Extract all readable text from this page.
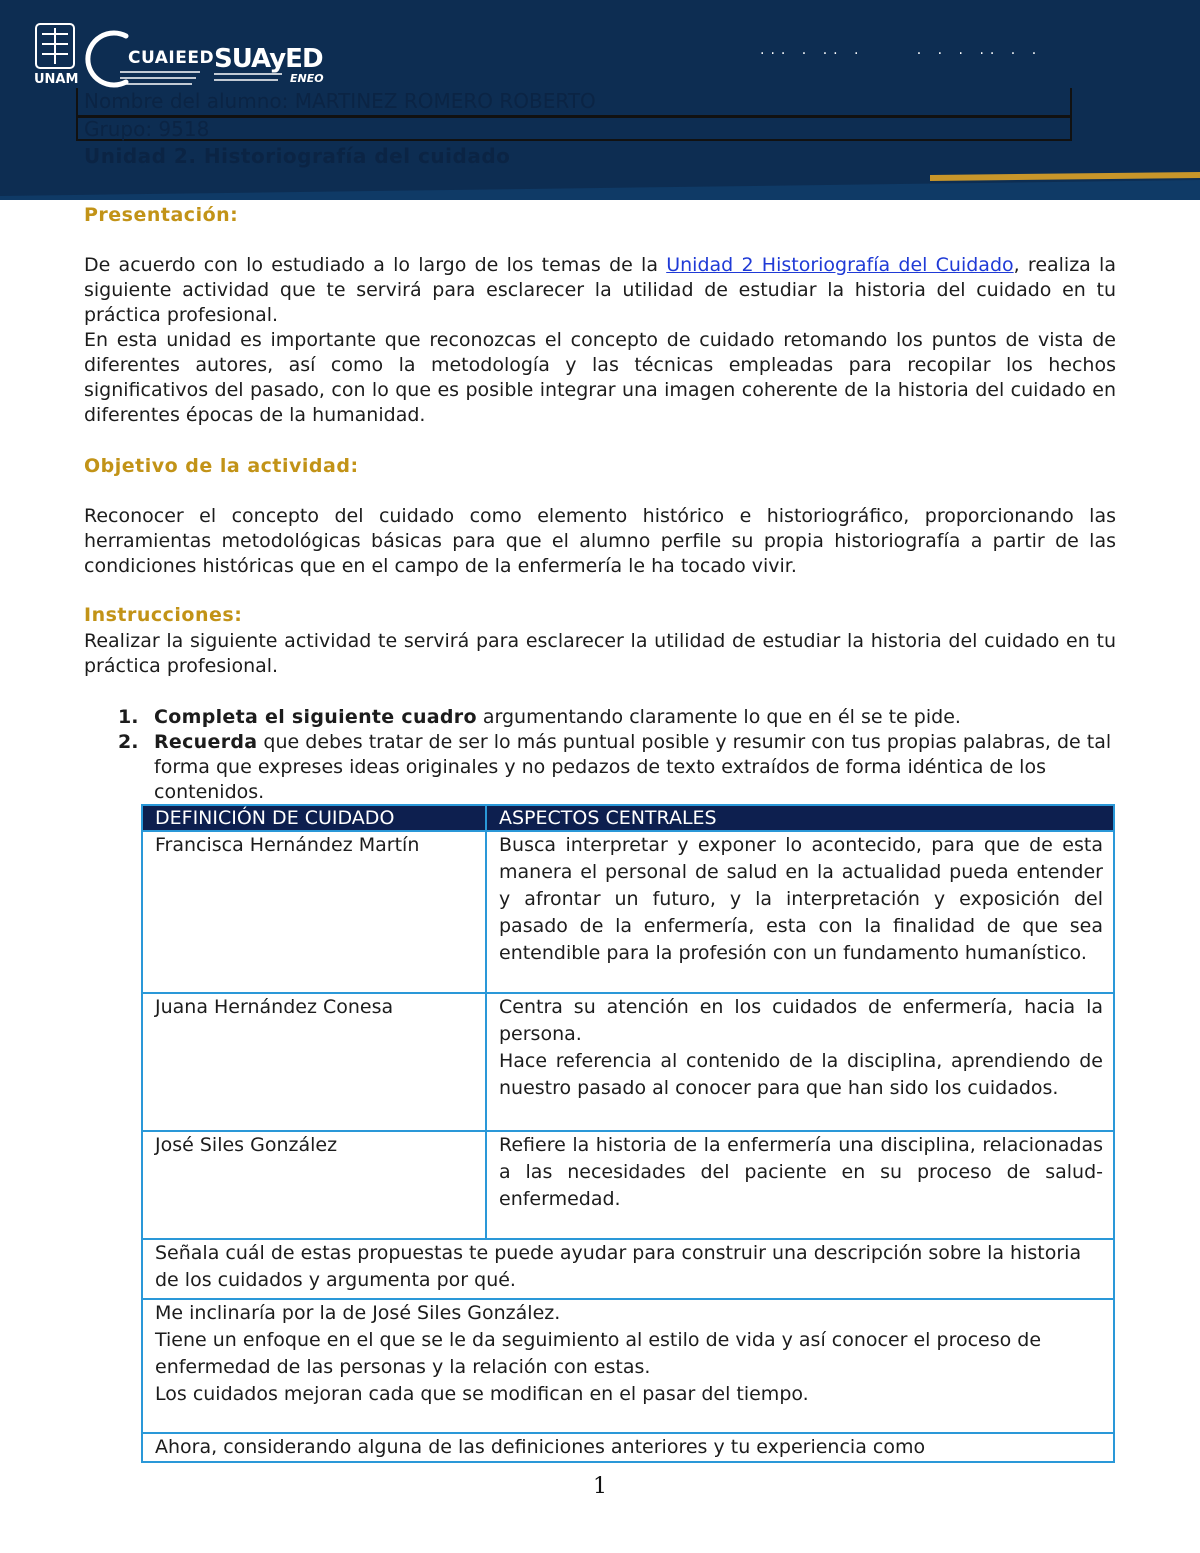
UNAM
CUAIEED SUAyED
ENEO
··· · ·· ·     · · · ·· · ·
Nombre del alumno: MARTINEZ ROMERO ROBERTO
Grupo: 9518
Unidad 2. Historiografía del cuidado
Presentación:
De acuerdo con lo estudiado a lo largo de los temas de la Unidad 2 Historiografía del Cuidado, realiza la siguiente actividad que te servirá para esclarecer la utilidad de estudiar la historia del cuidado en tu práctica profesional.
En esta unidad es importante que reconozcas el concepto de cuidado retomando los puntos de vista de diferentes autores, así como la metodología y las técnicas empleadas para recopilar los hechos significativos del pasado, con lo que es posible integrar una imagen coherente de la historia del cuidado en diferentes épocas de la humanidad.
Objetivo de la actividad:
Reconocer el concepto del cuidado como elemento histórico e historiográfico, proporcionando las herramientas metodológicas básicas para que el alumno perfile su propia historiografía a partir de las condiciones históricas que en el campo de la enfermería le ha tocado vivir.
Instrucciones:
Realizar la siguiente actividad te servirá para esclarecer la utilidad de estudiar la historia del cuidado en tu práctica profesional.
1. Completa el siguiente cuadro argumentando claramente lo que en él se te pide.
2. Recuerda que debes tratar de ser lo más puntual posible y resumir con tus propias palabras, de tal forma que expreses ideas originales y no pedazos de texto extraídos de forma idéntica de los contenidos.
DEFINICIÓN DE CUIDADO	ASPECTOS CENTRALES
Francisca Hernández Martín	Busca interpretar y exponer lo acontecido, para que de esta manera el personal de salud en la actualidad pueda entender y afrontar un futuro, y la interpretación y exposición del pasado de la enfermería, esta con la finalidad de que sea entendible para la profesión con un fundamento humanístico.

Juana Hernández Conesa	Centra su atención en los cuidados de enfermería, hacia la persona.
Hace referencia al contenido de la disciplina, aprendiendo de nuestro pasado al conocer para que han sido los cuidados.

José Siles González	Refiere la historia de la enfermería una disciplina, relacionadas a las necesidades del paciente en su proceso de salud-enfermedad.

Señala cuál de estas propuestas te puede ayudar para construir una descripción sobre la historia de los cuidados y argumenta por qué.	

Me inclinaría por la de José Siles González.
Tiene un enfoque en el que se le da seguimiento al estilo de vida y así conocer el proceso de enfermedad de las personas y la relación con estas.
Los cuidados mejoran cada que se modifican en el pasar del tiempo.	

Ahora, considerando alguna de las definiciones anteriores y tu experiencia como	
1
